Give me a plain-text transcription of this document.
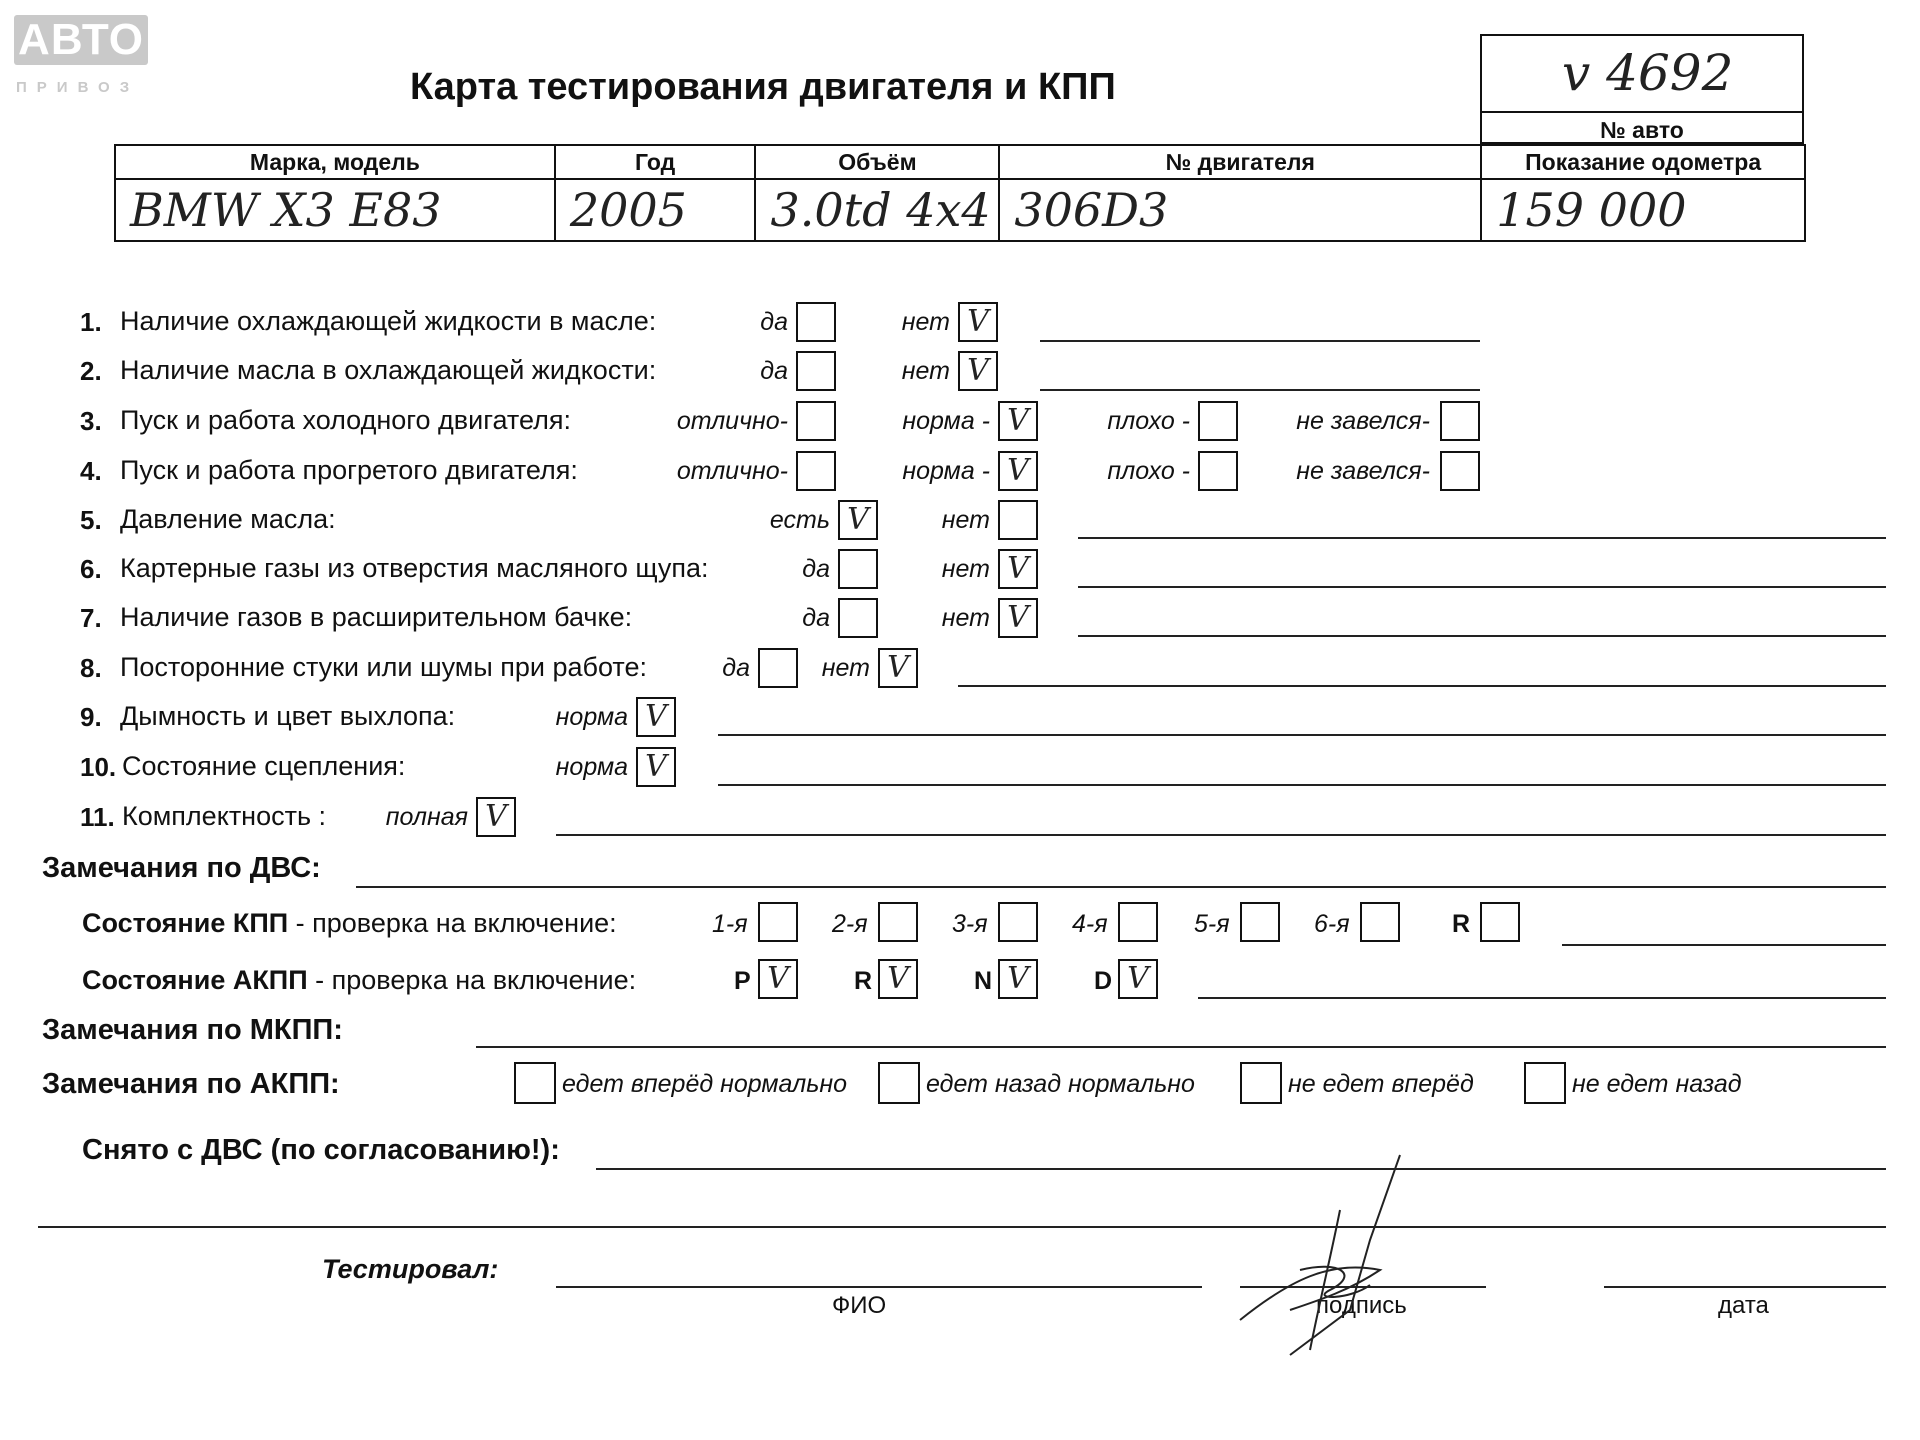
АВТО
ПРИВОЗ	Карта тестирования двигателя и КПП	v 4692
№ авто
Марка, модель	Год	Объём	№ двигателя	Показание одометра
BMW X3 E83	2005	3.0td 4x4	306D3	159 000
1. Наличие охлаждающей жидкости в масле:	да	нет V
2. Наличие масла в охлаждающей жидкости:	да	нет V
3. Пуск и работа холодного двигателя:	отлично-	норма - V	плохо -	не завелся-
4. Пуск и работа прогретого двигателя:	отлично-	норма - V	плохо -	не завелся-
5. Давление масла:	есть V	нет
6. Картерные газы из отверстия масляного щупа:	да	нет V
7. Наличие газов в расширительном бачке:	да	нет V
8. Посторонние стуки или шумы при работе:	да	нет V
9. Дымность и цвет выхлопа:	норма V
10. Состояние сцепления:	норма V
11. Комплектность :	полная V
Замечания по ДВС:
Состояние КПП - проверка на включение:	1-я	2-я	3-я	4-я	5-я	6-я	R
Состояние АКПП - проверка на включение:	P V	R V	N V	D V
Замечания по МКПП:
Замечания по АКПП:	едет вперёд нормально	едет назад нормально	не едет вперёд	не едет назад
Снято с ДВС (по согласованию!):
Тестировал:
ФИО	подпись	дата
